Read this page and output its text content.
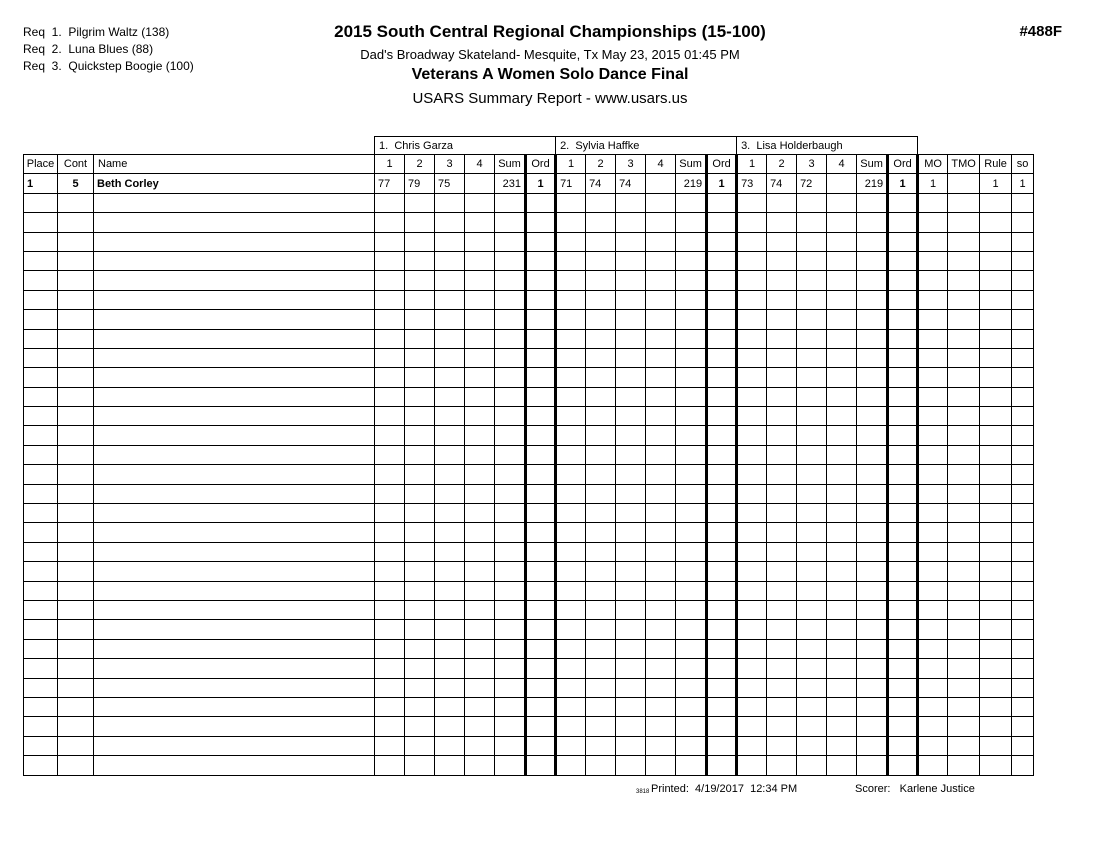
Req  1.  Pilgrim Waltz (138)
Req  2.  Luna Blues (88)
Req  3.  Quickstep Boogie (100)
2015 South Central Regional Championships (15-100)
Dad's Broadway Skateland- Mesquite, Tx May 23, 2015 01:45 PM
Veterans A Women Solo Dance Final
USARS Summary Report - www.usars.us
#488F
			1.  Chris Garza						2.  Sylvia Haffke						3.  Lisa Holderbaugh									
Place	Cont	Name	1	2	3	4	Sum	Ord	1	2	3	4	Sum	Ord	1	2	3	4	Sum	Ord	MO	TMO	Rule	so
1	5	Beth Corley	77	79	75		231	1	71	74	74		219	1	73	74	72		219	1	1		1	1

3818 Printed:  4/19/2017  12:34 PM	Scorer:   Karlene Justice
